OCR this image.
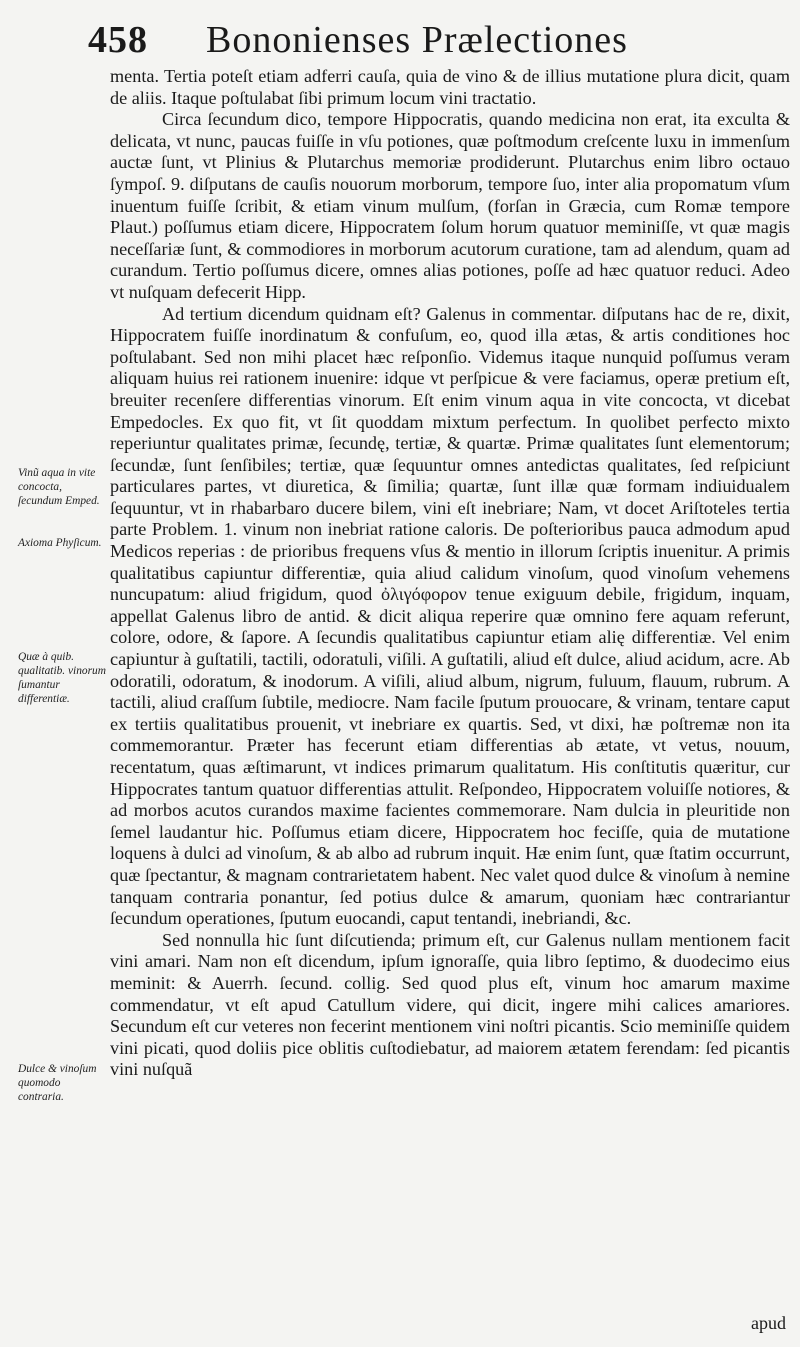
458 Bononienses Prælectiones

menta. Tertia poteſt etiam adferri cauſa, quia de vino & de illius mutatione plura dicit, quam de aliis. Itaque poſtulabat ſibi primum locum vini tractatio.

Circa ſecundum dico, tempore Hippocratis, quando medicina non erat, ita exculta & delicata, vt nunc, paucas fuiſſe in vſu potiones, quæ poſtmodum creſcente luxu in immenſum auctæ ſunt, vt Plinius & Plutarchus memoriæ prodiderunt. Plutarchus enim libro octauo ſympoſ. 9. diſputans de cauſis nouorum morborum, tempore ſuo, inter alia propomatum vſum inuentum fuiſſe ſcribit, & etiam vinum mulſum, (forſan in Græcia, cum Romæ tempore Plaut.) poſſumus etiam dicere, Hippocratem ſolum horum quatuor meminiſſe, vt quæ magis neceſſariæ ſunt, & commodiores in morborum acutorum curatione, tam ad alendum, quam ad curandum. Tertio poſſumus dicere, omnes alias potiones, poſſe ad hæc quatuor reduci. Adeo vt nuſquam defecerit Hipp.

Ad tertium dicendum quidnam eſt? Galenus in commentar. diſputans hac de re, dixit, Hippocratem fuiſſe inordinatum & confuſum, eo, quod illa ætas, & artis conditiones hoc poſtulabant. Sed non mihi placet hæc reſponſio. Videmus itaque nunquid poſſumus veram aliquam huius rei rationem inuenire: idque vt perſpicue & vere faciamus, operæ pretium eſt, breuiter recenſere differentias vinorum. Eſt enim vinum aqua in vite concocta, vt dicebat Empedocles. Ex quo fit, vt ſit quoddam mixtum perfectum. In quolibet perfecto mixto reperiuntur qualitates primæ, ſecundę, tertiæ, & quartæ. Primæ qualitates ſunt elementorum; ſecundæ, ſunt ſenſibiles; tertiæ, quæ ſequuntur omnes antedictas qualitates, ſed reſpiciunt particulares partes, vt diuretica, & ſimilia; quartæ, ſunt illæ quæ formam indiuidualem ſequuntur, vt in rhabarbaro ducere bilem, vini eſt inebriare; Nam, vt docet Ariſtoteles tertia parte Problem. 1. vinum non inebriat ratione caloris. De poſterioribus pauca admodum apud Medicos reperias : de prioribus frequens vſus & mentio in illorum ſcriptis inuenitur. A primis qualitatibus capiuntur differentiæ, quia aliud calidum vinoſum, quod vinoſum vehemens nuncupatum: aliud frigidum, quod ὀλιγόφορον tenue exiguum debile, frigidum, inquam, appellat Galenus libro de antid. & dicit aliqua reperire quæ omnino fere aquam referunt, colore, odore, & ſapore. A ſecundis qualitatibus capiuntur etiam alię differentiæ. Vel enim capiuntur à guſtatili, tactili, odoratuli, viſili. A guſtatili, aliud eſt dulce, aliud acidum, acre. Ab odoratili, odoratum, & inodorum. A viſili, aliud album, nigrum, fuluum, flauum, rubrum. A tactili, aliud craſſum ſubtile, mediocre. Nam facile ſputum prouocare, & vrinam, tentare caput ex tertiis qualitatibus prouenit, vt inebriare ex quartis. Sed, vt dixi, hæ poſtremæ non ita commemorantur. Præter has fecerunt etiam differentias ab ætate, vt vetus, nouum, recentatum, quas æſtimarunt, vt indices primarum qualitatum. His conſtitutis quæritur, cur Hippocrates tantum quatuor differentias attulit. Reſpondeo, Hippocratem voluiſſe notiores, & ad morbos acutos curandos maxime facientes commemorare. Nam dulcia in pleuritide non ſemel laudantur hic. Poſſumus etiam dicere, Hippocratem hoc feciſſe, quia de mutatione loquens à dulci ad vinoſum, & ab albo ad rubrum inquit. Hæ enim ſunt, quæ ſtatim occurrunt, quæ ſpectantur, & magnam contrarietatem habent. Nec valet quod dulce & vinoſum à nemine tanquam contraria ponantur, ſed potius dulce & amarum, quoniam hæc contrariantur ſecundum operationes, ſputum euocandi, caput tentandi, inebriandi, &c.

Sed nonnulla hic ſunt diſcutienda; primum eſt, cur Galenus nullam mentionem facit vini amari. Nam non eſt dicendum, ipſum ignoraſſe, quia libro ſeptimo, & duodecimo eius meminit: & Auerrh. ſecund. collig. Sed quod plus eſt, vinum hoc amarum maxime commendatur, vt eſt apud Catullum videre, qui dicit, ingere mihi calices amariores. Secundum eſt cur veteres non fecerint mentionem vini noſtri picantis. Scio meminiſſe quidem vini picati, quod doliis pice oblitis cuſtodiebatur, ad maiorem ætatem ferendam: ſed picantis vini nuſquã

Vinũ aqua in vite concocta, ſecundum Emped.
Axioma Phyſicum.
Quæ à quib. qualitatib. vinorum ſumantur differentiæ.
Dulce & vinoſum quomodo contraria.
apud
